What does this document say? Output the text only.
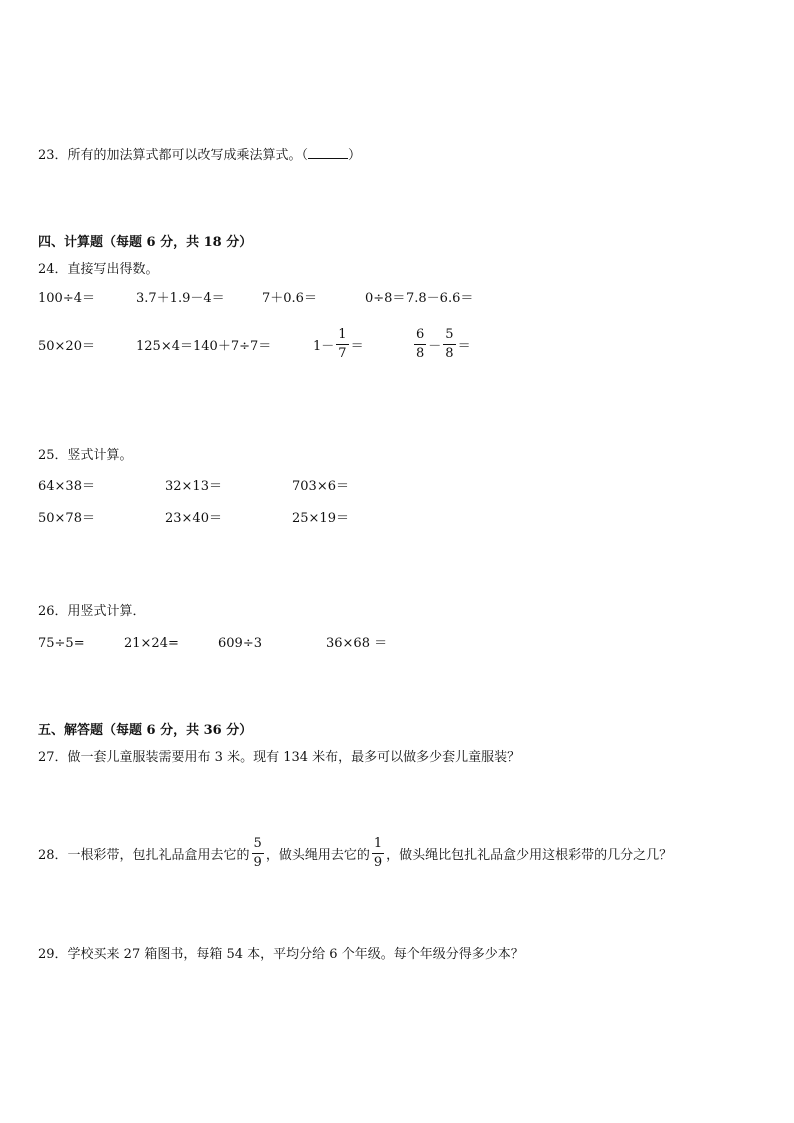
23．所有的加法算式都可以改写成乘法算式。（	）
四、计算题（每题 6 分，共 18 分）
24．直接写出得数。
100÷4＝	3.7＋1.9－4＝	7＋0.6＝	0÷8＝ 7.8－6.6＝
50×20＝	125×4＝ 140＋7÷7＝	$1- \frac{1}{7}$ ＝	$\frac{6}{8} - \frac{5}{8}$ ＝
25．竖式计算。
64×38＝	32×13＝	703×6＝
50×78＝	23×40＝	25×19＝
26．用竖式计算．
75÷5=	21×24=	609÷3	36×68 ＝
五、解答题（每题 6 分，共 36 分）
27．做一套儿童服装需要用布 3 米。现有 134 米布，最多可以做多少套儿童服装？
28．一根彩带，包扎礼品盒用去它的 $\frac{5}{9}$ ，做头绳用去它的 $\frac{1}{9}$ ，做头绳比包扎礼品盒少用这根彩带的几分之几？
29．学校买来 27 箱图书，每箱 54 本，平均分给 6 个年级。每个年级分得多少本？
